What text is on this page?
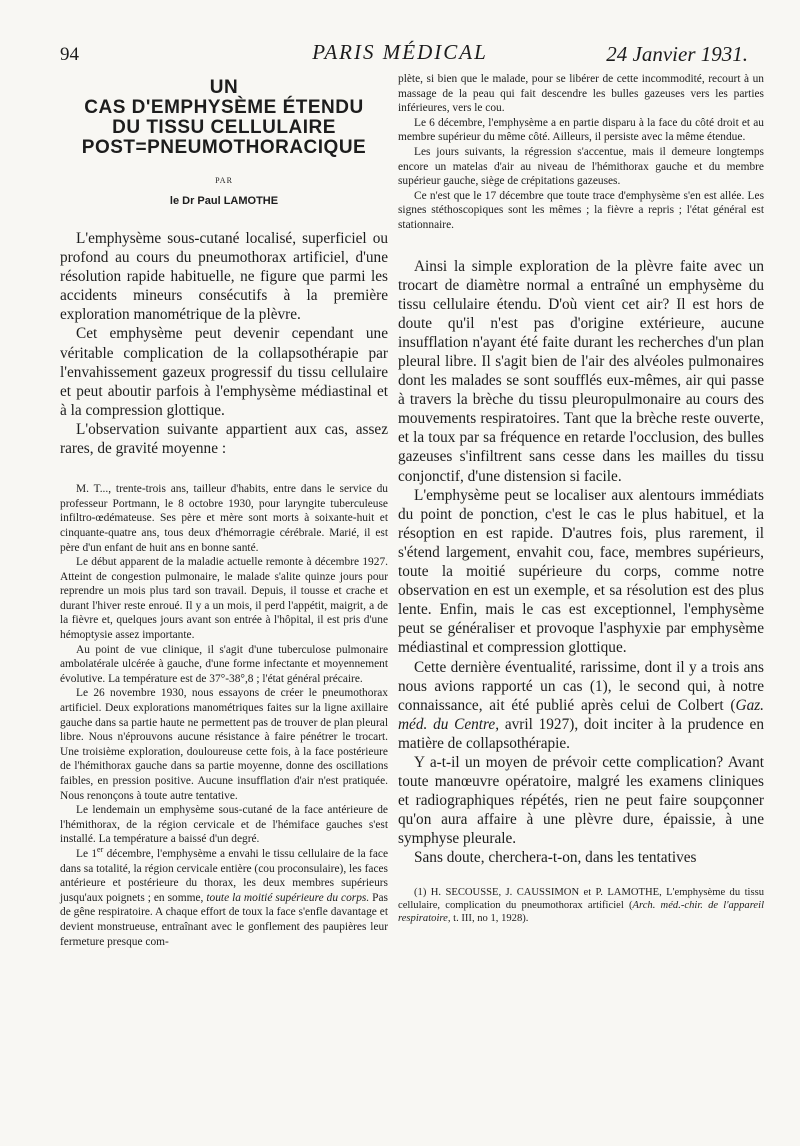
94	PARIS MÉDICAL	24 Janvier 1931.
UN
CAS D'EMPHYSÈME ÉTENDU
DU TISSU CELLULAIRE
POST=PNEUMOTHORACIQUE
PAR
le Dr Paul LAMOTHE

L'emphysème sous-cutané localisé, superficiel ou profond au cours du pneumothorax artificiel, d'une résolution rapide habituelle, ne figure que parmi les accidents mineurs consécutifs à la première exploration manométrique de la plèvre.

Cet emphysème peut devenir cependant une véritable complication de la collapsothérapie par l'envahissement gazeux progressif du tissu cellulaire et peut aboutir parfois à l'emphysème médiastinal et à la compression glottique.

L'observation suivante appartient aux cas, assez rares, de gravité moyenne :

M. T..., trente-trois ans, tailleur d'habits, entre dans le service du professeur Portmann, le 8 octobre 1930, pour laryngite tuberculeuse infiltro-œdémateuse. Ses père et mère sont morts à soixante-huit et cinquante-quatre ans, tous deux d'hémorragie cérébrale. Marié, il est père d'un enfant de huit ans en bonne santé.

Le début apparent de la maladie actuelle remonte à décembre 1927. Atteint de congestion pulmonaire, le malade s'alite quinze jours pour reprendre un mois plus tard son travail. Depuis, il tousse et crache et durant l'hiver reste enroué. Il y a un mois, il perd l'appétit, maigrit, a de la fièvre et, quelques jours avant son entrée à l'hôpital, il est pris d'une hémoptysie assez importante.

Au point de vue clinique, il s'agit d'une tuberculose pulmonaire ambolatérale ulcérée à gauche, d'une forme infectante et moyennement évolutive. La température est de 37°-38°,8 ; l'état général précaire.

Le 26 novembre 1930, nous essayons de créer le pneumothorax artificiel. Deux explorations manométriques faites sur la ligne axillaire gauche dans sa partie haute ne permettent pas de trouver de plan pleural libre. Nous n'éprouvons aucune résistance à faire pénétrer le trocart. Une troisième exploration, douloureuse cette fois, à la face postérieure de l'hémithorax gauche dans sa partie moyenne, donne des oscillations faibles, en pression positive. Aucune insufflation d'air n'est pratiquée. Nous renonçons à toute autre tentative.

Le lendemain un emphysème sous-cutané de la face antérieure de l'hémithorax, de la région cervicale et de l'hémiface gauches s'est installé. La température a baissé d'un degré.

Le 1er décembre, l'emphysème a envahi le tissu cellulaire de la face dans sa totalité, la région cervicale entière (cou proconsulaire), les faces antérieure et postérieure du thorax, les deux membres supérieurs jusqu'aux poignets ; en somme, toute la moitié supérieure du corps. Pas de gêne respiratoire. A chaque effort de toux la face s'enfle davantage et devient monstrueuse, entraînant avec le gonflement des paupières leur fermeture presque com-

plète, si bien que le malade, pour se libérer de cette incommodité, recourt à un massage de la peau qui fait descendre les bulles gazeuses vers les parties inférieures, vers le cou.

Le 6 décembre, l'emphysème a en partie disparu à la face du côté droit et au membre supérieur du même côté. Ailleurs, il persiste avec la même étendue.

Les jours suivants, la régression s'accentue, mais il demeure longtemps encore un matelas d'air au niveau de l'hémithorax gauche et du membre supérieur gauche, siège de crépitations gazeuses.

Ce n'est que le 17 décembre que toute trace d'emphysème s'en est allée. Les signes stéthoscopiques sont les mêmes ; la fièvre a repris ; l'état général est stationnaire.

Ainsi la simple exploration de la plèvre faite avec un trocart de diamètre normal a entraîné un emphysème du tissu cellulaire étendu. D'où vient cet air? Il est hors de doute qu'il n'est pas d'origine extérieure, aucune insufflation n'ayant été faite durant les recherches d'un plan pleural libre. Il s'agit bien de l'air des alvéoles pulmonaires dont les malades se sont soufflés eux-mêmes, air qui passe à travers la brèche du tissu pleuropulmonaire au cours des mouvements respiratoires. Tant que la brèche reste ouverte, et la toux par sa fréquence en retarde l'occlusion, des bulles gazeuses s'infiltrent sans cesse dans les mailles du tissu conjonctif, d'une distension si facile.

L'emphysème peut se localiser aux alentours immédiats du point de ponction, c'est le cas le plus habituel, et la résoption en est rapide. D'autres fois, plus rarement, il s'étend largement, envahit cou, face, membres supérieurs, toute la moitié supérieure du corps, comme notre observation en est un exemple, et sa résolution est des plus lente. Enfin, mais le cas est exceptionnel, l'emphysème peut se généraliser et provoque l'asphyxie par emphysème médiastinal et compression glottique.

Cette dernière éventualité, rarissime, dont il y a trois ans nous avions rapporté un cas (1), le second qui, à notre connaissance, ait été publié après celui de Colbert (Gaz. méd. du Centre, avril 1927), doit inciter à la prudence en matière de collapsothérapie.

Y a-t-il un moyen de prévoir cette complication? Avant toute manœuvre opératoire, malgré les examens cliniques et radiographiques répétés, rien ne peut faire soupçonner qu'on aura affaire à une plèvre dure, épaissie, à une symphyse pleurale.

Sans doute, cherchera-t-on, dans les tentatives

(1) H. SECOUSSE, J. CAUSSIMON et P. LAMOTHE, L'emphysème du tissu cellulaire, complication du pneumothorax artificiel (Arch. méd.-chir. de l'appareil respiratoire, t. III, no 1, 1928).
